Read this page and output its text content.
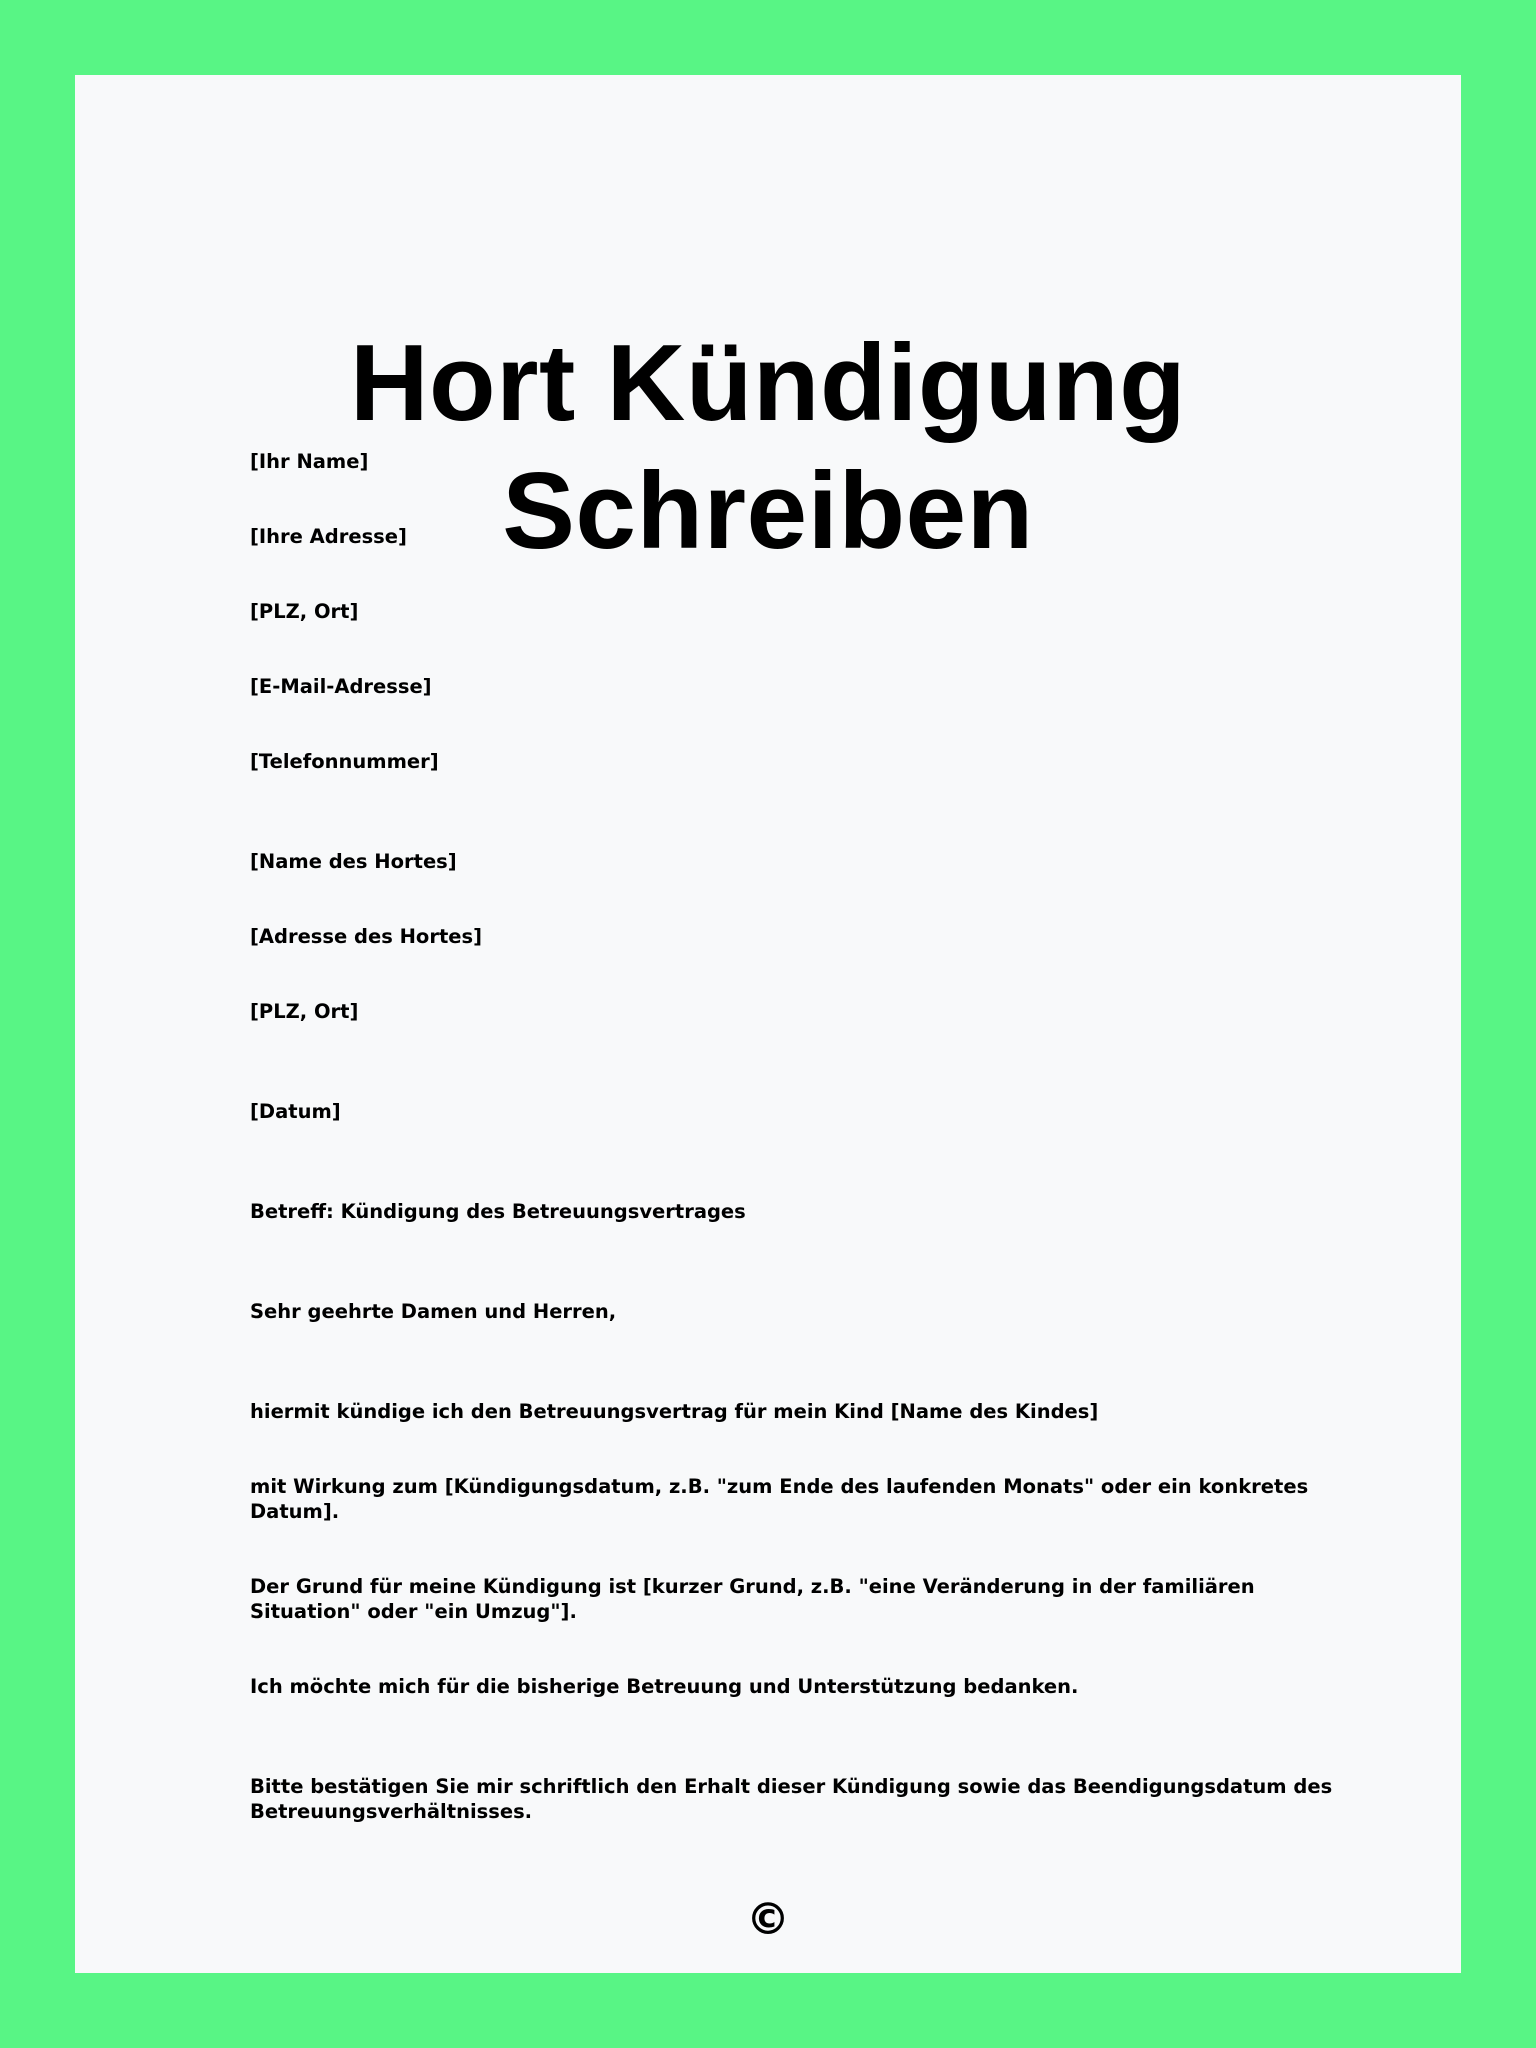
Hort Kündigung Schreiben

[Ihr Name]

[Ihre Adresse]

[PLZ, Ort]

[E-Mail-Adresse]

[Telefonnummer]

[Name des Hortes]

[Adresse des Hortes]

[PLZ, Ort]

[Datum]

Betreff: Kündigung des Betreuungsvertrages

Sehr geehrte Damen und Herren,

hiermit kündige ich den Betreuungsvertrag für mein Kind [Name des Kindes]

mit Wirkung zum [Kündigungsdatum, z.B. "zum Ende des laufenden Monats" oder ein konkretes Datum].

Der Grund für meine Kündigung ist [kurzer Grund, z.B. "eine Veränderung in der familiären Situation" oder "ein Umzug"].

Ich möchte mich für die bisherige Betreuung und Unterstützung bedanken.

Bitte bestätigen Sie mir schriftlich den Erhalt dieser Kündigung sowie das Beendigungsdatum des Betreuungsverhältnisses.

©
